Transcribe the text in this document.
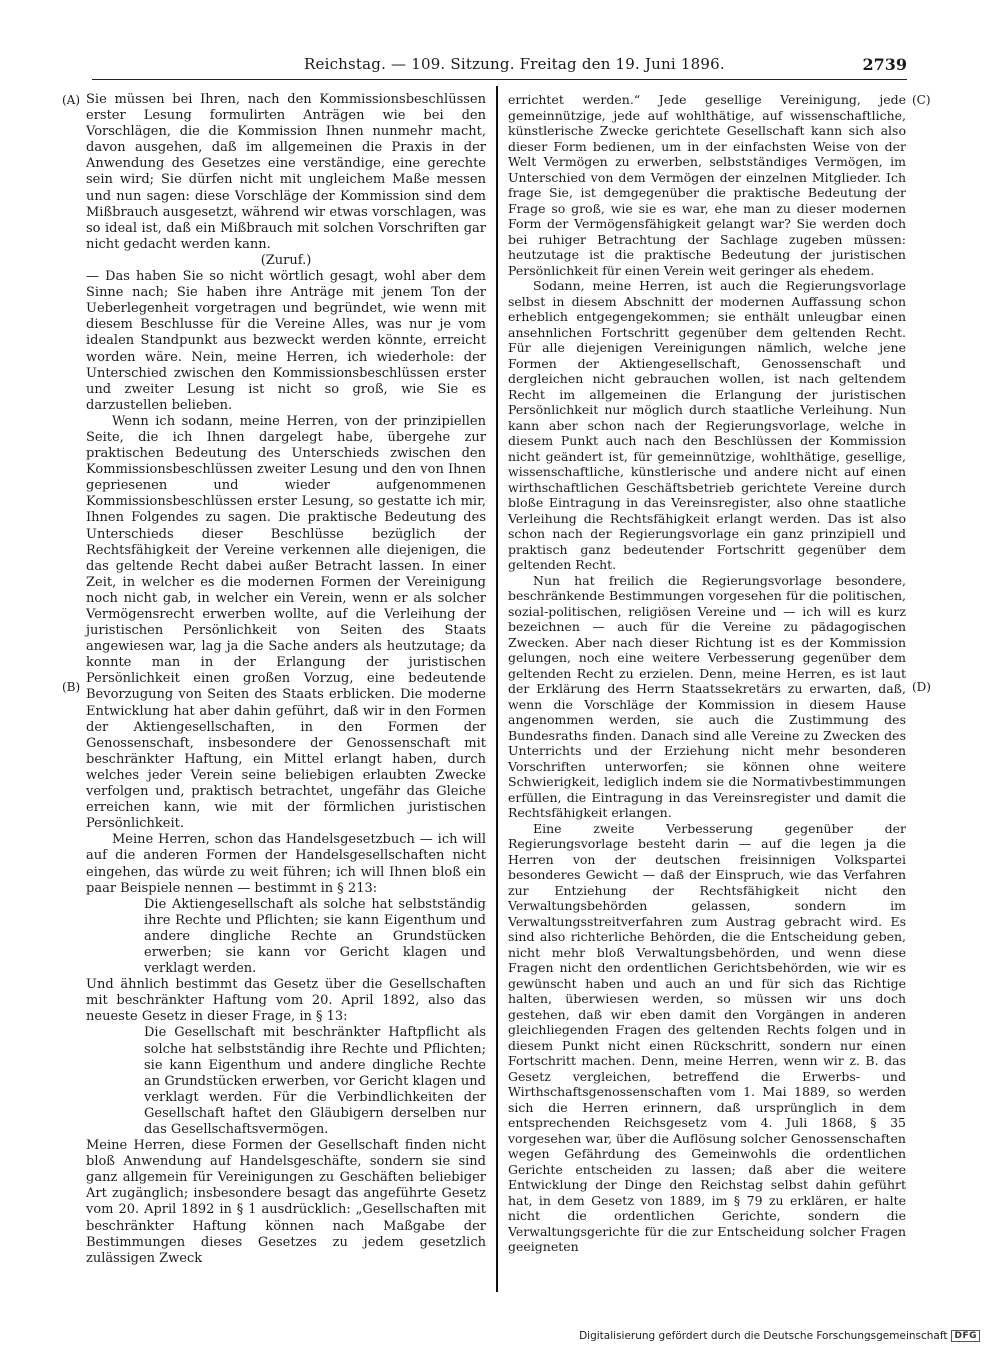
Reichstag. — 109. Sitzung. Freitag den 19. Juni 1896.	2739
(A)
(B)
(C)
(D)

Sie müssen bei Ihren, nach den Kommissionsbeschlüssen erster Lesung formulirten Anträgen wie bei den Vorschlägen, die die Kommission Ihnen nunmehr macht, davon ausgehen, daß im allgemeinen die Praxis in der Anwendung des Gesetzes eine verständige, eine gerechte sein wird; Sie dürfen nicht mit ungleichem Maße messen und nun sagen: diese Vorschläge der Kommission sind dem Mißbrauch ausgesetzt, während wir etwas vorschlagen, was so ideal ist, daß ein Mißbrauch mit solchen Vorschriften gar nicht gedacht werden kann.

(Zuruf.)

— Das haben Sie so nicht wörtlich gesagt, wohl aber dem Sinne nach; Sie haben ihre Anträge mit jenem Ton der Ueberlegenheit vorgetragen und begründet, wie wenn mit diesem Beschlusse für die Vereine Alles, was nur je vom idealen Standpunkt aus bezweckt werden könnte, erreicht worden wäre. Nein, meine Herren, ich wiederhole: der Unterschied zwischen den Kommissionsbeschlüssen erster und zweiter Lesung ist nicht so groß, wie Sie es darzustellen belieben.

Wenn ich sodann, meine Herren, von der prinzipiellen Seite, die ich Ihnen dargelegt habe, übergehe zur praktischen Bedeutung des Unterschieds zwischen den Kommissionsbeschlüssen zweiter Lesung und den von Ihnen gepriesenen und wieder aufgenommenen Kommissionsbeschlüssen erster Lesung, so gestatte ich mir, Ihnen Folgendes zu sagen. Die praktische Bedeutung des Unterschieds dieser Beschlüsse bezüglich der Rechtsfähigkeit der Vereine verkennen alle diejenigen, die das geltende Recht dabei außer Betracht lassen. In einer Zeit, in welcher es die modernen Formen der Vereinigung noch nicht gab, in welcher ein Verein, wenn er als solcher Vermögensrecht erwerben wollte, auf die Verleihung der juristischen Persönlichkeit von Seiten des Staats angewiesen war, lag ja die Sache anders als heutzutage; da konnte man in der Erlangung der juristischen Persönlichkeit einen großen Vorzug, eine bedeutende Bevorzugung von Seiten des Staats erblicken. Die moderne Entwicklung hat aber dahin geführt, daß wir in den Formen der Aktiengesellschaften, in den Formen der Genossenschaft, insbesondere der Genossenschaft mit beschränkter Haftung, ein Mittel erlangt haben, durch welches jeder Verein seine beliebigen erlaubten Zwecke verfolgen und, praktisch betrachtet, ungefähr das Gleiche erreichen kann, wie mit der förmlichen juristischen Persönlichkeit.

Meine Herren, schon das Handelsgesetzbuch — ich will auf die anderen Formen der Handelsgesellschaften nicht eingehen, das würde zu weit führen; ich will Ihnen bloß ein paar Beispiele nennen — bestimmt in § 213:

Die Aktiengesellschaft als solche hat selbstständig ihre Rechte und Pflichten; sie kann Eigenthum und andere dingliche Rechte an Grundstücken erwerben; sie kann vor Gericht klagen und verklagt werden.

Und ähnlich bestimmt das Gesetz über die Gesellschaften mit beschränkter Haftung vom 20. April 1892, also das neueste Gesetz in dieser Frage, in § 13:

Die Gesellschaft mit beschränkter Haftpflicht als solche hat selbstständig ihre Rechte und Pflichten; sie kann Eigenthum und andere dingliche Rechte an Grundstücken erwerben, vor Gericht klagen und verklagt werden. Für die Verbindlichkeiten der Gesellschaft haftet den Gläubigern derselben nur das Gesellschaftsvermögen.

Meine Herren, diese Formen der Gesellschaft finden nicht bloß Anwendung auf Handelsgeschäfte, sondern sie sind ganz allgemein für Vereinigungen zu Geschäften beliebiger Art zugänglich; insbesondere besagt das angeführte Gesetz vom 20. April 1892 in § 1 ausdrücklich: „Gesellschaften mit beschränkter Haftung können nach Maßgabe der Bestimmungen dieses Gesetzes zu jedem gesetzlich zulässigen Zweck

errichtet werden.“ Jede gesellige Vereinigung, jede gemeinnützige, jede auf wohlthätige, auf wissenschaftliche, künstlerische Zwecke gerichtete Gesellschaft kann sich also dieser Form bedienen, um in der einfachsten Weise von der Welt Vermögen zu erwerben, selbstständiges Vermögen, im Unterschied von dem Vermögen der einzelnen Mitglieder. Ich frage Sie, ist demgegenüber die praktische Bedeutung der Frage so groß, wie sie es war, ehe man zu dieser modernen Form der Vermögensfähigkeit gelangt war? Sie werden doch bei ruhiger Betrachtung der Sachlage zugeben müssen: heutzutage ist die praktische Bedeutung der juristischen Persönlichkeit für einen Verein weit geringer als ehedem.

Sodann, meine Herren, ist auch die Regierungsvorlage selbst in diesem Abschnitt der modernen Auffassung schon erheblich entgegengekommen; sie enthält unleugbar einen ansehnlichen Fortschritt gegenüber dem geltenden Recht. Für alle diejenigen Vereinigungen nämlich, welche jene Formen der Aktiengesellschaft, Genossenschaft und dergleichen nicht gebrauchen wollen, ist nach geltendem Recht im allgemeinen die Erlangung der juristischen Persönlichkeit nur möglich durch staatliche Verleihung. Nun kann aber schon nach der Regierungsvorlage, welche in diesem Punkt auch nach den Beschlüssen der Kommission nicht geändert ist, für gemeinnützige, wohlthätige, gesellige, wissenschaftliche, künstlerische und andere nicht auf einen wirthschaftlichen Geschäftsbetrieb gerichtete Vereine durch bloße Eintragung in das Vereinsregister, also ohne staatliche Verleihung die Rechtsfähigkeit erlangt werden. Das ist also schon nach der Regierungsvorlage ein ganz prinzipiell und praktisch ganz bedeutender Fortschritt gegenüber dem geltenden Recht.

Nun hat freilich die Regierungsvorlage besondere, beschränkende Bestimmungen vorgesehen für die politischen, sozial-politischen, religiösen Vereine und — ich will es kurz bezeichnen — auch für die Vereine zu pädagogischen Zwecken. Aber nach dieser Richtung ist es der Kommission gelungen, noch eine weitere Verbesserung gegenüber dem geltenden Recht zu erzielen. Denn, meine Herren, es ist laut der Erklärung des Herrn Staatssekretärs zu erwarten, daß, wenn die Vorschläge der Kommission in diesem Hause angenommen werden, sie auch die Zustimmung des Bundesraths finden. Danach sind alle Vereine zu Zwecken des Unterrichts und der Erziehung nicht mehr besonderen Vorschriften unterworfen; sie können ohne weitere Schwierigkeit, lediglich indem sie die Normativbestimmungen erfüllen, die Eintragung in das Vereinsregister und damit die Rechtsfähigkeit erlangen.

Eine zweite Verbesserung gegenüber der Regierungsvorlage besteht darin — auf die legen ja die Herren von der deutschen freisinnigen Volkspartei besonderes Gewicht — daß der Einspruch, wie das Verfahren zur Entziehung der Rechtsfähigkeit nicht den Verwaltungsbehörden gelassen, sondern im Verwaltungsstreitverfahren zum Austrag gebracht wird. Es sind also richterliche Behörden, die die Entscheidung geben, nicht mehr bloß Verwaltungsbehörden, und wenn diese Fragen nicht den ordentlichen Gerichtsbehörden, wie wir es gewünscht haben und auch an und für sich das Richtige halten, überwiesen werden, so müssen wir uns doch gestehen, daß wir eben damit den Vorgängen in anderen gleichliegenden Fragen des geltenden Rechts folgen und in diesem Punkt nicht einen Rückschritt, sondern nur einen Fortschritt machen. Denn, meine Herren, wenn wir z. B. das Gesetz vergleichen, betreffend die Erwerbs- und Wirthschaftsgenossenschaften vom 1. Mai 1889, so werden sich die Herren erinnern, daß ursprünglich in dem entsprechenden Reichsgesetz vom 4. Juli 1868, § 35 vorgesehen war, über die Auflösung solcher Genossenschaften wegen Gefährdung des Gemeinwohls die ordentlichen Gerichte entscheiden zu lassen; daß aber die weitere Entwicklung der Dinge den Reichstag selbst dahin geführt hat, in dem Gesetz von 1889, im § 79 zu erklären, er halte nicht die ordentlichen Gerichte, sondern die Verwaltungsgerichte für die zur Entscheidung solcher Fragen geeigneten

Digitalisierung gefördert durch die Deutsche Forschungsgemeinschaft DFG
